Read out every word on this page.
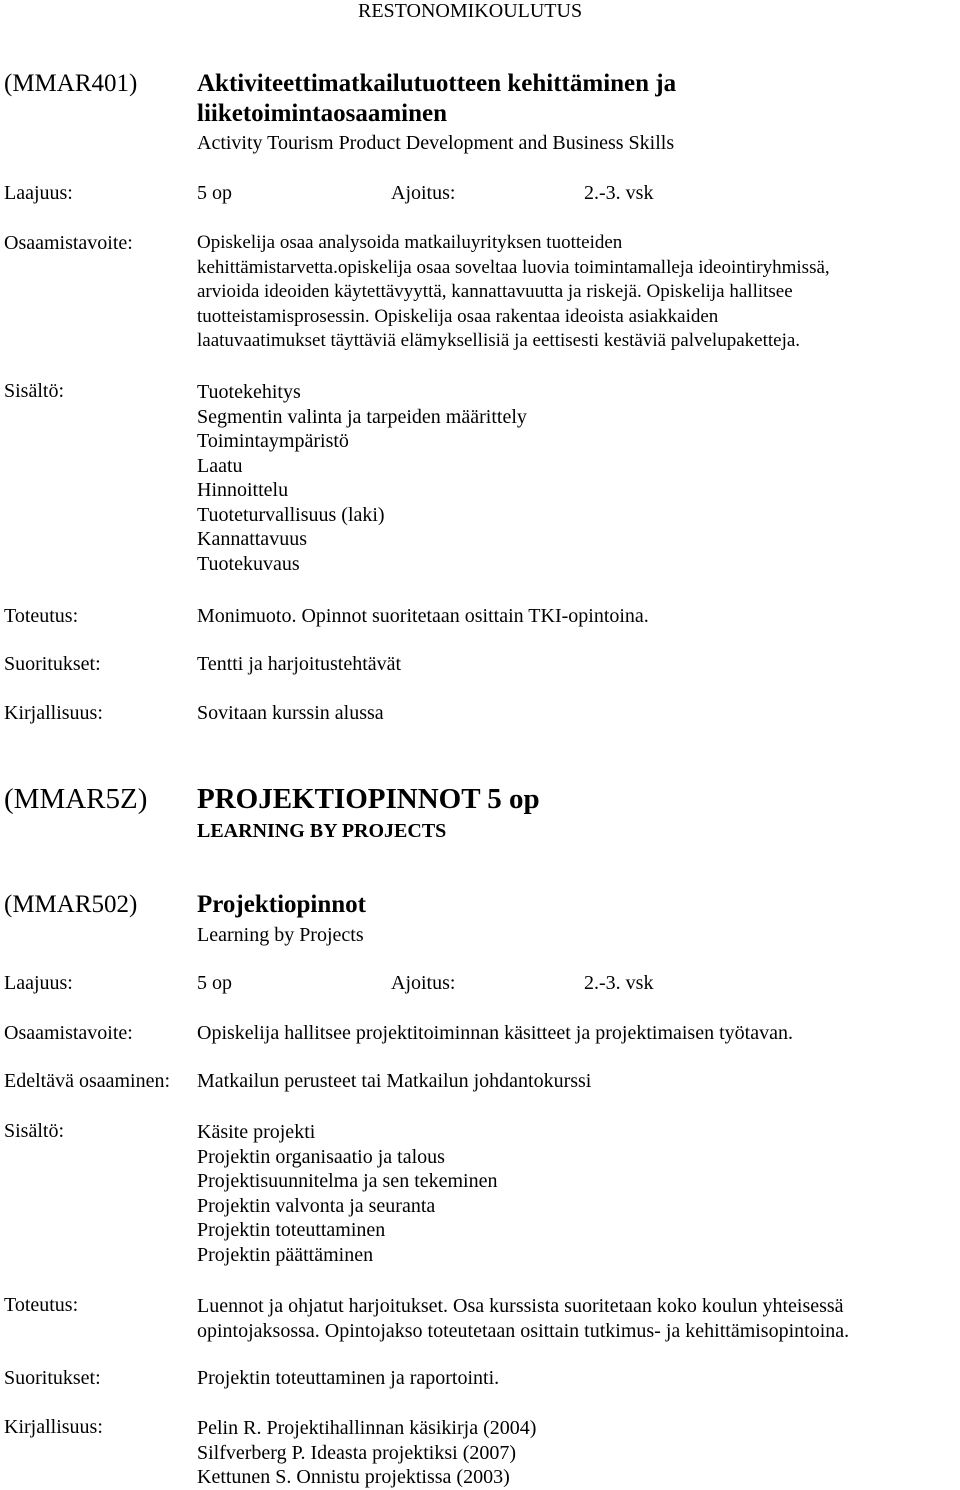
RESTONOMIKOULUTUS
(MMAR401) Aktiviteettimatkailutuotteen kehittäminen ja
liiketoimintaosaaminen
Activity Tourism Product Development and Business Skills
Laajuus:	5 op	Ajoitus:	2.-3. vsk
Osaamistavoite:	Opiskelija osaa analysoida matkailuyrityksen tuotteiden
kehittämistarvetta.opiskelija osaa soveltaa luovia toimintamalleja ideointiryhmissä,
arvioida ideoiden käytettävyyttä, kannattavuutta ja riskejä. Opiskelija hallitsee
tuotteistamisprosessin. Opiskelija osaa rakentaa ideoista asiakkaiden
laatuvaatimukset täyttäviä elämyksellisiä ja eettisesti kestäviä palvelupaketteja.
Sisältö:	Tuotekehitys
Segmentin valinta ja tarpeiden määrittely
Toimintaympäristö
Laatu
Hinnoittelu
Tuoteturvallisuus (laki)
Kannattavuus
Tuotekuvaus
Toteutus:	Monimuoto. Opinnot suoritetaan osittain TKI-opintoina.
Suoritukset:	Tentti ja harjoitustehtävät
Kirjallisuus:	Sovitaan kurssin alussa
(MMAR5Z) PROJEKTIOPINNOT 5 op
LEARNING BY PROJECTS
(MMAR502) Projektiopinnot
Learning by Projects
Laajuus:	5 op	Ajoitus:	2.-3. vsk
Osaamistavoite:	Opiskelija hallitsee projektitoiminnan käsitteet ja projektimaisen työtavan.
Edeltävä osaaminen: Matkailun perusteet tai Matkailun johdantokurssi
Sisältö:	Käsite projekti
Projektin organisaatio ja talous
Projektisuunnitelma ja sen tekeminen
Projektin valvonta ja seuranta
Projektin toteuttaminen
Projektin päättäminen
Toteutus:	Luennot ja ohjatut harjoitukset. Osa kurssista suoritetaan koko koulun yhteisessä
opintojaksossa. Opintojakso toteutetaan osittain tutkimus- ja kehittämisopintoina.
Suoritukset:	Projektin toteuttaminen ja raportointi.
Kirjallisuus:	Pelin R. Projektihallinnan käsikirja (2004)
Silfverberg P. Ideasta projektiksi (2007)
Kettunen S. Onnistu projektissa (2003)
